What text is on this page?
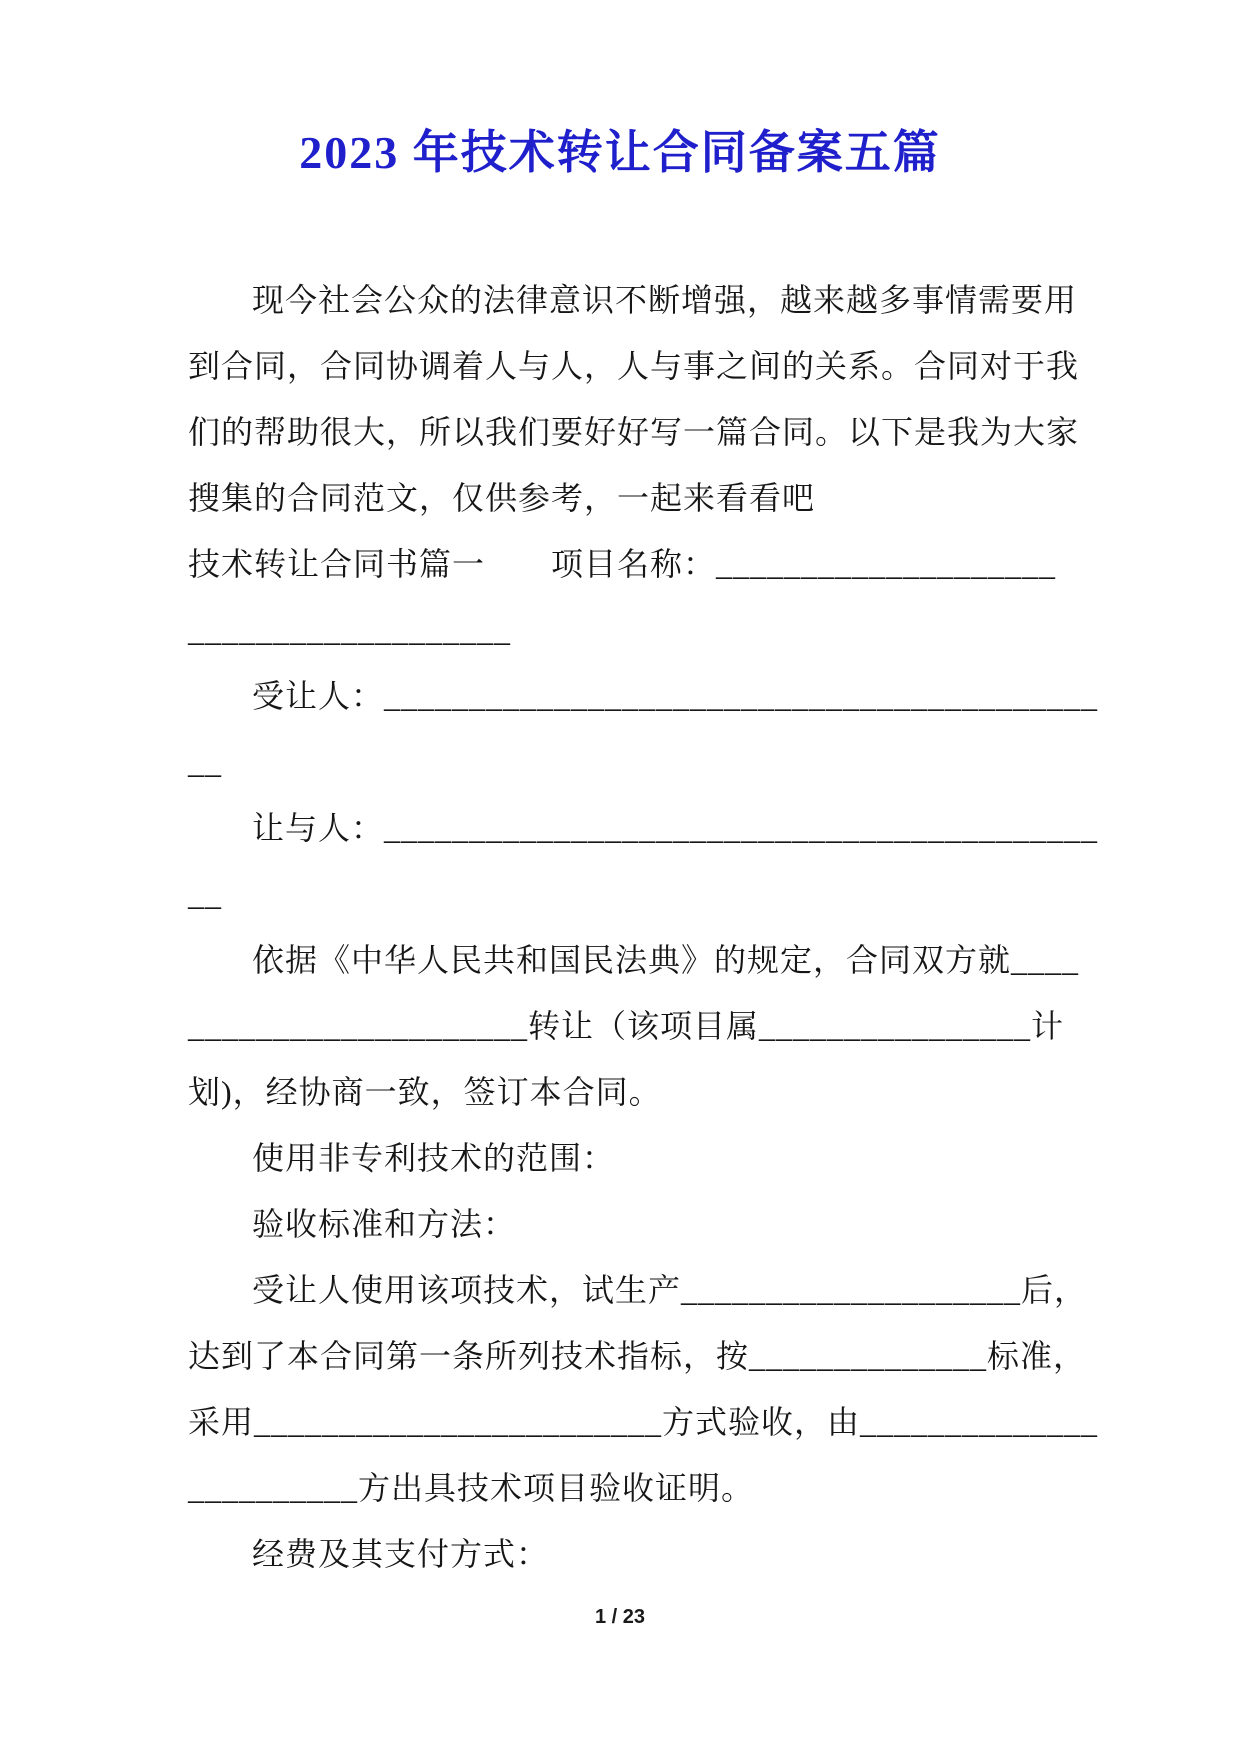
2023 年技术转让合同备案五篇
现今社会公众的法律意识不断增强，越来越多事情需要用
到合同，合同协调着人与人，人与事之间的关系。合同对于我
们的帮助很大，所以我们要好好写一篇合同。以下是我为大家
搜集的合同范文，仅供参考，一起来看看吧
技术转让合同书篇一　　项目名称：____________________
___________________
受让人：__________________________________________
__
让与人：__________________________________________
__
依据《中华人民共和国民法典》的规定，合同双方就____
____________________转让（该项目属________________计
划)，经协商一致，签订本合同。
使用非专利技术的范围：
验收标准和方法：
受让人使用该项技术，试生产____________________后，
达到了本合同第一条所列技术指标，按______________标准，
采用________________________方式验收，由______________
__________方出具技术项目验收证明。
经费及其支付方式：
1 / 23
